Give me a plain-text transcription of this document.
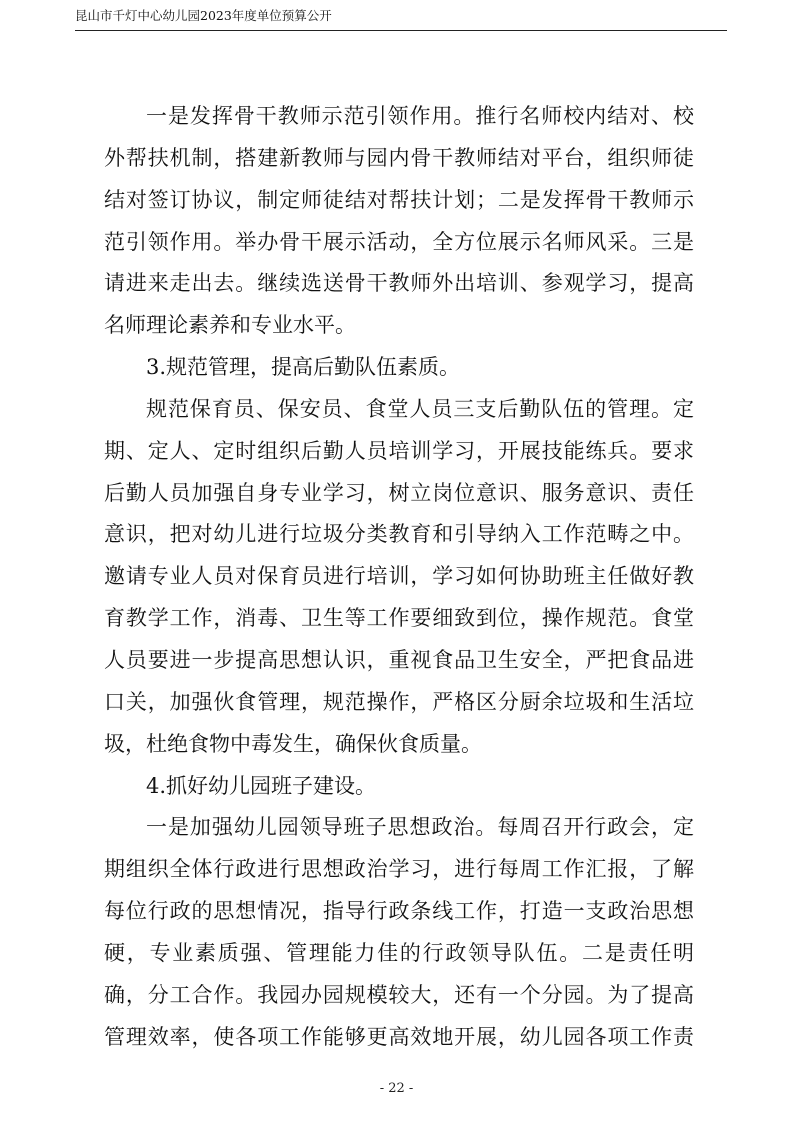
昆山市千灯中心幼儿园2023年度单位预算公开
一是发挥骨干教师示范引领作用。推行名师校内结对、校
外帮扶机制，搭建新教师与园内骨干教师结对平台，组织师徒
结对签订协议，制定师徒结对帮扶计划；二是发挥骨干教师示
范引领作用。举办骨干展示活动，全方位展示名师风采。三是
请进来走出去。继续选送骨干教师外出培训、参观学习，提高
名师理论素养和专业水平。
3.规范管理，提高后勤队伍素质。
规范保育员、保安员、食堂人员三支后勤队伍的管理。定
期、定人、定时组织后勤人员培训学习，开展技能练兵。要求
后勤人员加强自身专业学习，树立岗位意识、服务意识、责任
意识，把对幼儿进行垃圾分类教育和引导纳入工作范畴之中。
邀请专业人员对保育员进行培训，学习如何协助班主任做好教
育教学工作，消毒、卫生等工作要细致到位，操作规范。食堂
人员要进一步提高思想认识，重视食品卫生安全，严把食品进
口关，加强伙食管理，规范操作，严格区分厨余垃圾和生活垃
圾，杜绝食物中毒发生，确保伙食质量。
4.抓好幼儿园班子建设。
一是加强幼儿园领导班子思想政治。每周召开行政会，定
期组织全体行政进行思想政治学习，进行每周工作汇报，了解
每位行政的思想情况，指导行政条线工作，打造一支政治思想
硬，专业素质强、管理能力佳的行政领导队伍。二是责任明
确，分工合作。我园办园规模较大，还有一个分园。为了提高
管理效率，使各项工作能够更高效地开展，幼儿园各项工作责
- 22 -
